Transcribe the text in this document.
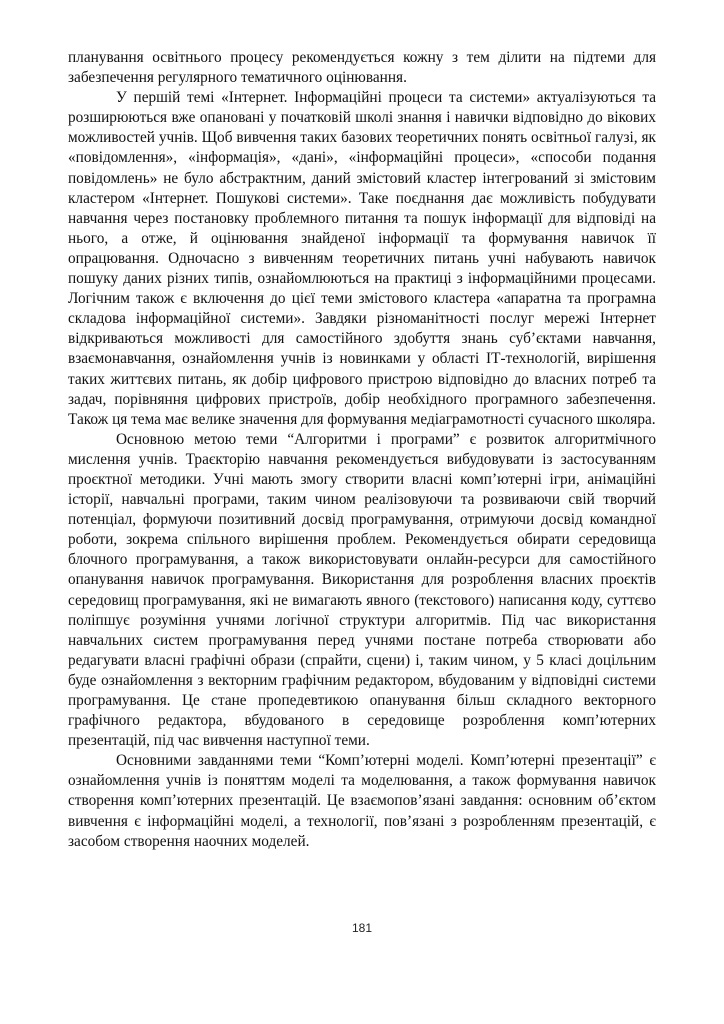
планування освітнього процесу рекомендується кожну з тем ділити на підтеми для забезпечення регулярного тематичного оцінювання.

У першій темі «Інтернет. Інформаційні процеси та системи» актуалізуються та розширюються вже опановані у початковій школі знання і навички відповідно до вікових можливостей учнів. Щоб вивчення таких базових теоретичних понять освітньої галузі, як «повідомлення», «інформація», «дані», «інформаційні процеси», «способи подання повідомлень» не було абстрактним, даний змістовий кластер інтегрований зі змістовим кластером «Інтернет. Пошукові системи». Таке поєднання дає можливість побудувати навчання через постановку проблемного питання та пошук інформації для відповіді на нього, а отже, й оцінювання знайденої інформації та формування навичок її опрацювання. Одночасно з вивченням теоретичних питань учні набувають навичок пошуку даних різних типів, ознайомлюються на практиці з інформаційними процесами. Логічним також є включення до цієї теми змістового кластера «апаратна та програмна складова інформаційної системи». Завдяки різноманітності послуг мережі Інтернет відкриваються можливості для самостійного здобуття знань суб’єктами навчання, взаємонавчання, ознайомлення учнів із новинками у області ІТ-технологій, вирішення таких життєвих питань, як добір цифрового пристрою відповідно до власних потреб та задач, порівняння цифрових пристроїв, добір необхідного програмного забезпечення. Також ця тема має велике значення для формування медіаграмотності сучасного школяра.

Основною метою теми “Алгоритми і програми” є розвиток алгоритмічного мислення учнів. Траєкторію навчання рекомендується вибудовувати із застосуванням проєктної методики. Учні мають змогу створити власні комп’ютерні ігри, анімаційні історії, навчальні програми, таким чином реалізовуючи та розвиваючи свій творчий потенціал, формуючи позитивний досвід програмування, отримуючи досвід командної роботи, зокрема спільного вирішення проблем. Рекомендується обирати середовища блочного програмування, а також використовувати онлайн-ресурси для самостійного опанування навичок програмування. Використання для розроблення власних проєктів середовищ програмування, які не вимагають явного (текстового) написання коду, суттєво поліпшує розуміння учнями логічної структури алгоритмів. Під час використання навчальних систем програмування перед учнями постане потреба створювати або редагувати власні графічні образи (спрайти, сцени) і, таким чином, у 5 класі доцільним буде ознайомлення з векторним графічним редактором, вбудованим у відповідні системи програмування. Це стане пропедевтикою опанування більш складного векторного графічного редактора, вбудованого в середовище розроблення комп’ютерних презентацій, під час вивчення наступної теми.

Основними завданнями теми “Комп’ютерні моделі. Комп’ютерні презентації” є ознайомлення учнів із поняттям моделі та моделювання, а також формування навичок створення комп’ютерних презентацій. Це взаємопов’язані завдання: основним об’єктом вивчення є інформаційні моделі, а технології, пов’язані з розробленням презентацій, є засобом створення наочних моделей.

181
